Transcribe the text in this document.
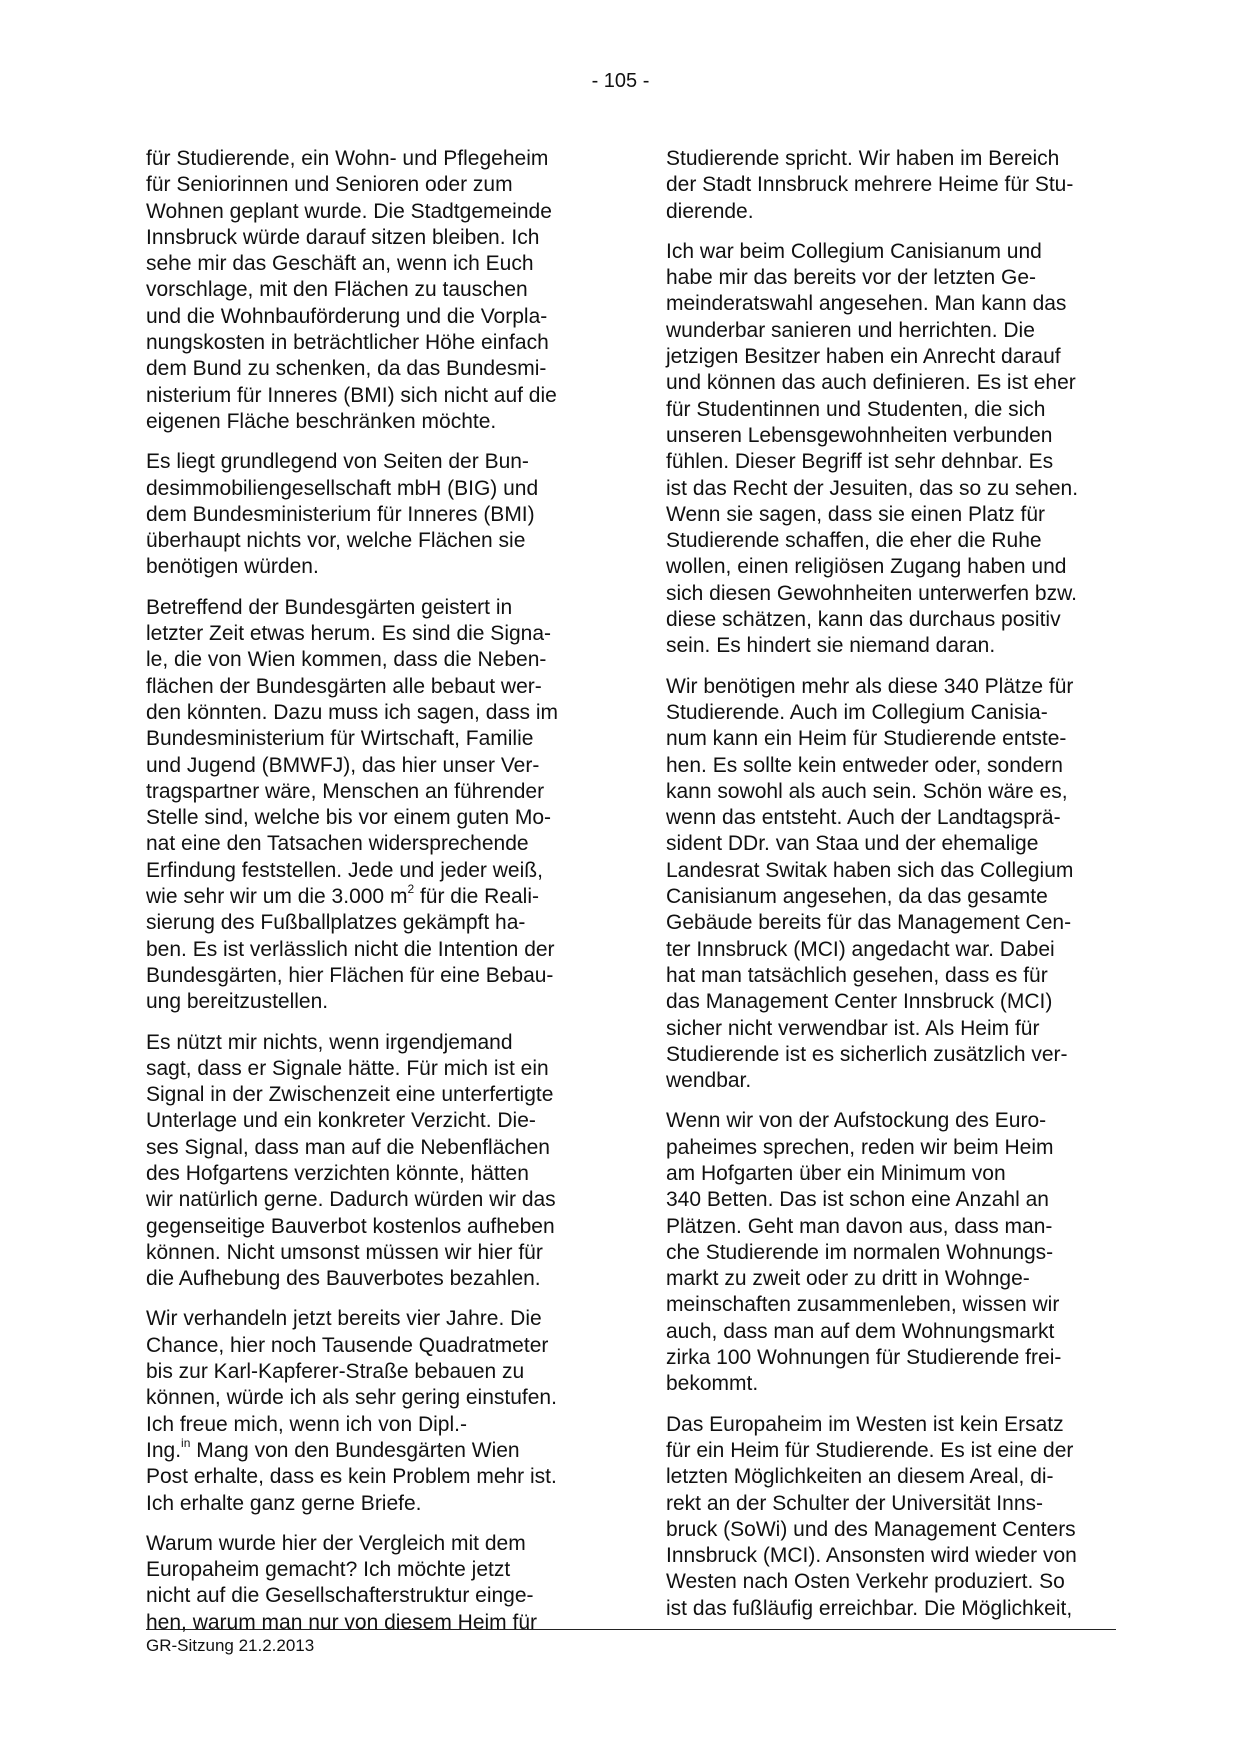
- 105 -
für Studierende, ein Wohn- und Pflegeheim
für Seniorinnen und Senioren oder zum
Wohnen geplant wurde. Die Stadtgemeinde
Innsbruck würde darauf sitzen bleiben. Ich
sehe mir das Geschäft an, wenn ich Euch
vorschlage, mit den Flächen zu tauschen
und die Wohnbauförderung und die Vorpla-
nungskosten in beträchtlicher Höhe einfach
dem Bund zu schenken, da das Bundesmi-
nisterium für Inneres (BMI) sich nicht auf die
eigenen Fläche beschränken möchte.
Es liegt grundlegend von Seiten der Bun-
desimmobiliengesellschaft mbH (BIG) und
dem Bundesministerium für Inneres (BMI)
überhaupt nichts vor, welche Flächen sie
benötigen würden.
Betreffend der Bundesgärten geistert in
letzter Zeit etwas herum. Es sind die Signa-
le, die von Wien kommen, dass die Neben-
flächen der Bundesgärten alle bebaut wer-
den könnten. Dazu muss ich sagen, dass im
Bundesministerium für Wirtschaft, Familie
und Jugend (BMWFJ), das hier unser Ver-
tragspartner wäre, Menschen an führender
Stelle sind, welche bis vor einem guten Mo-
nat eine den Tatsachen widersprechende
Erfindung feststellen. Jede und jeder weiß,
wie sehr wir um die 3.000 $m^2$ für die Reali-
sierung des Fußballplatzes gekämpft ha-
ben. Es ist verlässlich nicht die Intention der
Bundesgärten, hier Flächen für eine Bebau-
ung bereitzustellen.
Es nützt mir nichts, wenn irgendjemand
sagt, dass er Signale hätte. Für mich ist ein
Signal in der Zwischenzeit eine unterfertigte
Unterlage und ein konkreter Verzicht. Die-
ses Signal, dass man auf die Nebenflächen
des Hofgartens verzichten könnte, hätten
wir natürlich gerne. Dadurch würden wir das
gegenseitige Bauverbot kostenlos aufheben
können. Nicht umsonst müssen wir hier für
die Aufhebung des Bauverbotes bezahlen.
Wir verhandeln jetzt bereits vier Jahre. Die
Chance, hier noch Tausende Quadratmeter
bis zur Karl-Kapferer-Straße bebauen zu
können, würde ich als sehr gering einstufen.
Ich freue mich, wenn ich von Dipl.-
Ing.$^{in}$ Mang von den Bundesgärten Wien
Post erhalte, dass es kein Problem mehr ist.
Ich erhalte ganz gerne Briefe.
Warum wurde hier der Vergleich mit dem
Europaheim gemacht? Ich möchte jetzt
nicht auf die Gesellschafterstruktur einge-
hen, warum man nur von diesem Heim für
Studierende spricht. Wir haben im Bereich
der Stadt Innsbruck mehrere Heime für Stu-
dierende.
Ich war beim Collegium Canisianum und
habe mir das bereits vor der letzten Ge-
meinderatswahl angesehen. Man kann das
wunderbar sanieren und herrichten. Die
jetzigen Besitzer haben ein Anrecht darauf
und können das auch definieren. Es ist eher
für Studentinnen und Studenten, die sich
unseren Lebensgewohnheiten verbunden
fühlen. Dieser Begriff ist sehr dehnbar. Es
ist das Recht der Jesuiten, das so zu sehen.
Wenn sie sagen, dass sie einen Platz für
Studierende schaffen, die eher die Ruhe
wollen, einen religiösen Zugang haben und
sich diesen Gewohnheiten unterwerfen bzw.
diese schätzen, kann das durchaus positiv
sein. Es hindert sie niemand daran.
Wir benötigen mehr als diese 340 Plätze für
Studierende. Auch im Collegium Canisia-
num kann ein Heim für Studierende entste-
hen. Es sollte kein entweder oder, sondern
kann sowohl als auch sein. Schön wäre es,
wenn das entsteht. Auch der Landtagsprä-
sident DDr. van Staa und der ehemalige
Landesrat Switak haben sich das Collegium
Canisianum angesehen, da das gesamte
Gebäude bereits für das Management Cen-
ter Innsbruck (MCI) angedacht war. Dabei
hat man tatsächlich gesehen, dass es für
das Management Center Innsbruck (MCI)
sicher nicht verwendbar ist. Als Heim für
Studierende ist es sicherlich zusätzlich ver-
wendbar.
Wenn wir von der Aufstockung des Euro-
paheimes sprechen, reden wir beim Heim
am Hofgarten über ein Minimum von
340 Betten. Das ist schon eine Anzahl an
Plätzen. Geht man davon aus, dass man-
che Studierende im normalen Wohnungs-
markt zu zweit oder zu dritt in Wohnge-
meinschaften zusammenleben, wissen wir
auch, dass man auf dem Wohnungsmarkt
zirka 100 Wohnungen für Studierende frei-
bekommt.
Das Europaheim im Westen ist kein Ersatz
für ein Heim für Studierende. Es ist eine der
letzten Möglichkeiten an diesem Areal, di-
rekt an der Schulter der Universität Inns-
bruck (SoWi) und des Management Centers
Innsbruck (MCI). Ansonsten wird wieder von
Westen nach Osten Verkehr produziert. So
ist das fußläufig erreichbar. Die Möglichkeit,
GR-Sitzung 21.2.2013
